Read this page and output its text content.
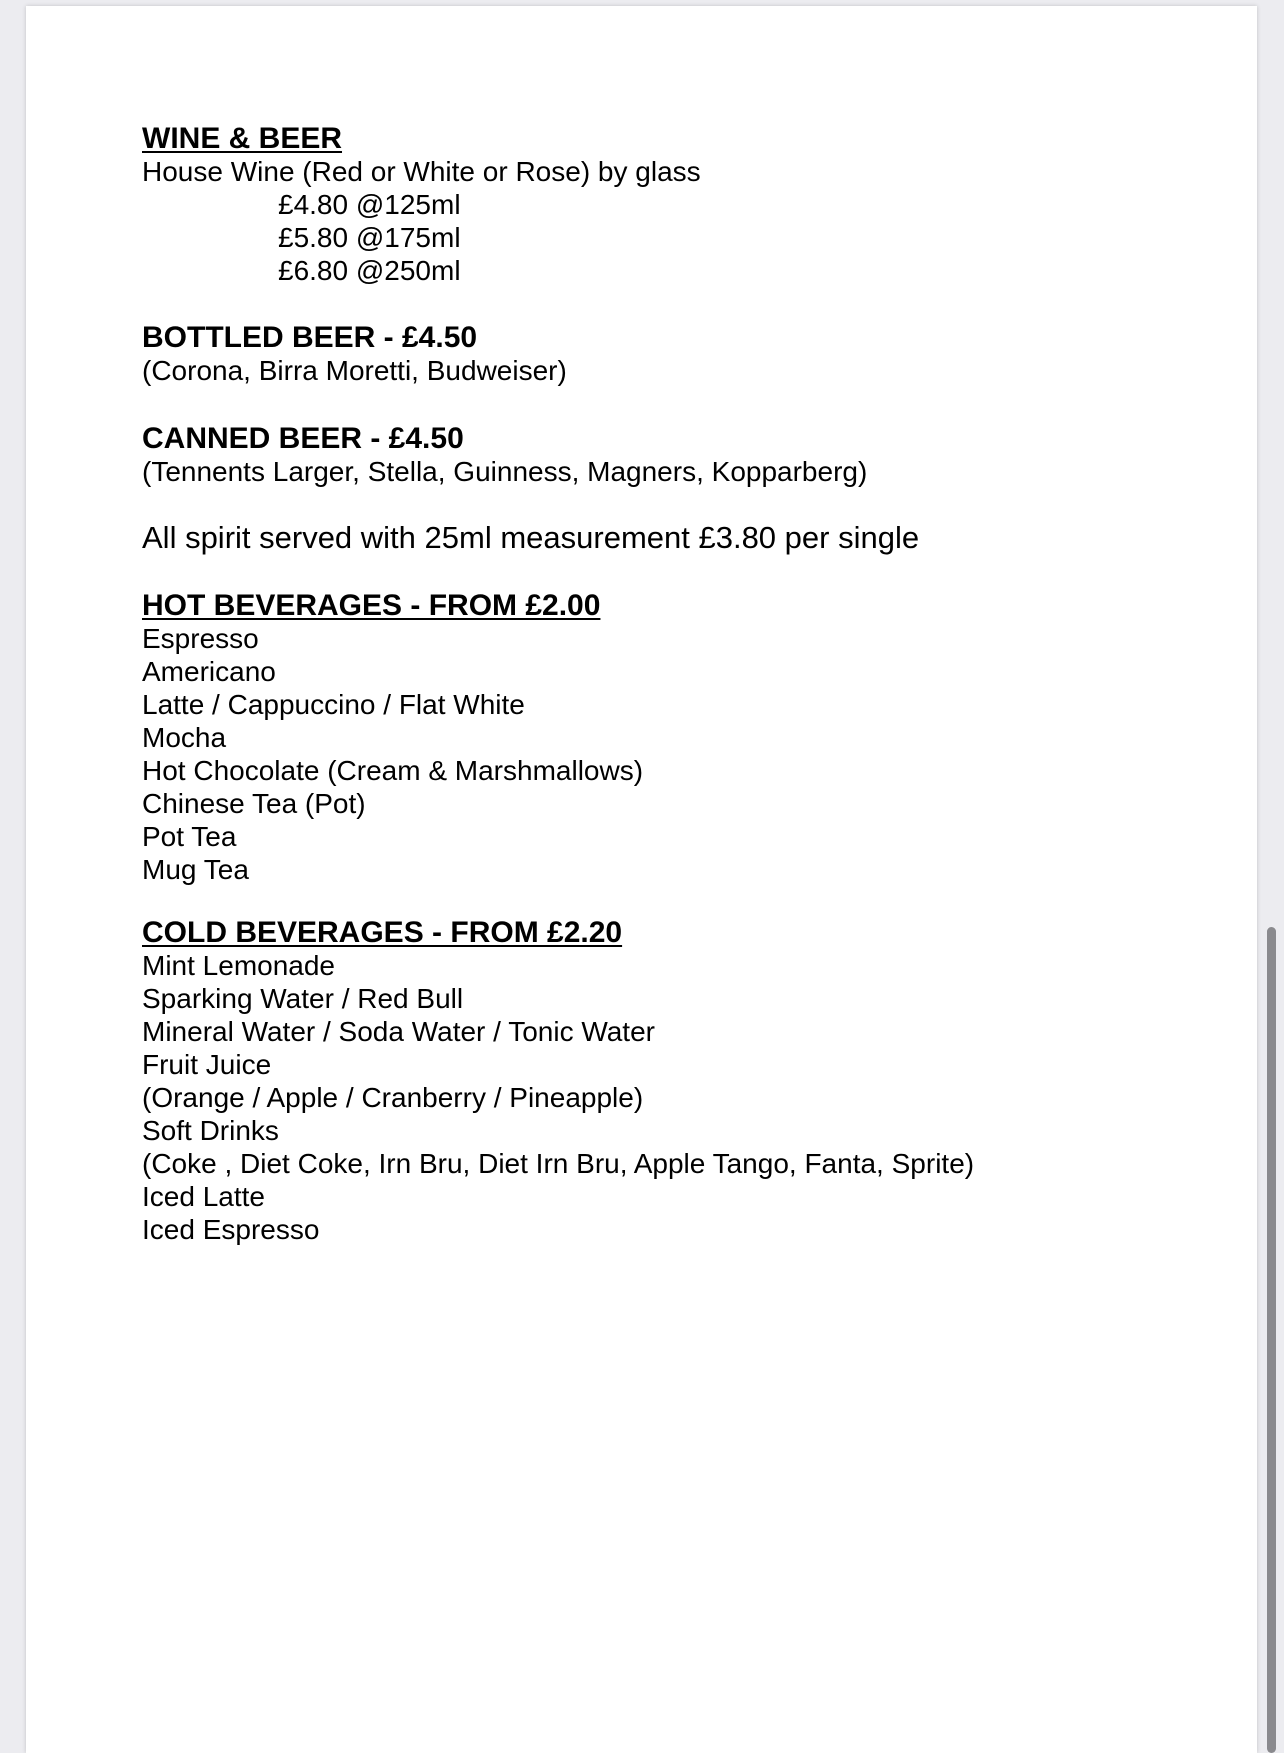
WINE & BEER
House Wine (Red or White or Rose) by glass
£4.80 @125ml
£5.80 @175ml
£6.80 @250ml
BOTTLED BEER - £4.50
(Corona, Birra Moretti, Budweiser)
CANNED BEER - £4.50
(Tennents Larger, Stella, Guinness, Magners, Kopparberg)
All spirit served with 25ml measurement £3.80 per single
HOT BEVERAGES - FROM £2.00
Espresso
Americano
Latte / Cappuccino / Flat White
Mocha
Hot Chocolate (Cream & Marshmallows)
Chinese Tea (Pot)
Pot Tea
Mug Tea
COLD BEVERAGES - FROM £2.20
Mint Lemonade
Sparking Water / Red Bull
Mineral Water / Soda Water / Tonic Water
Fruit Juice
(Orange / Apple / Cranberry / Pineapple)
Soft Drinks
(Coke , Diet Coke, Irn Bru, Diet Irn Bru, Apple Tango, Fanta, Sprite)
Iced Latte
Iced Espresso
